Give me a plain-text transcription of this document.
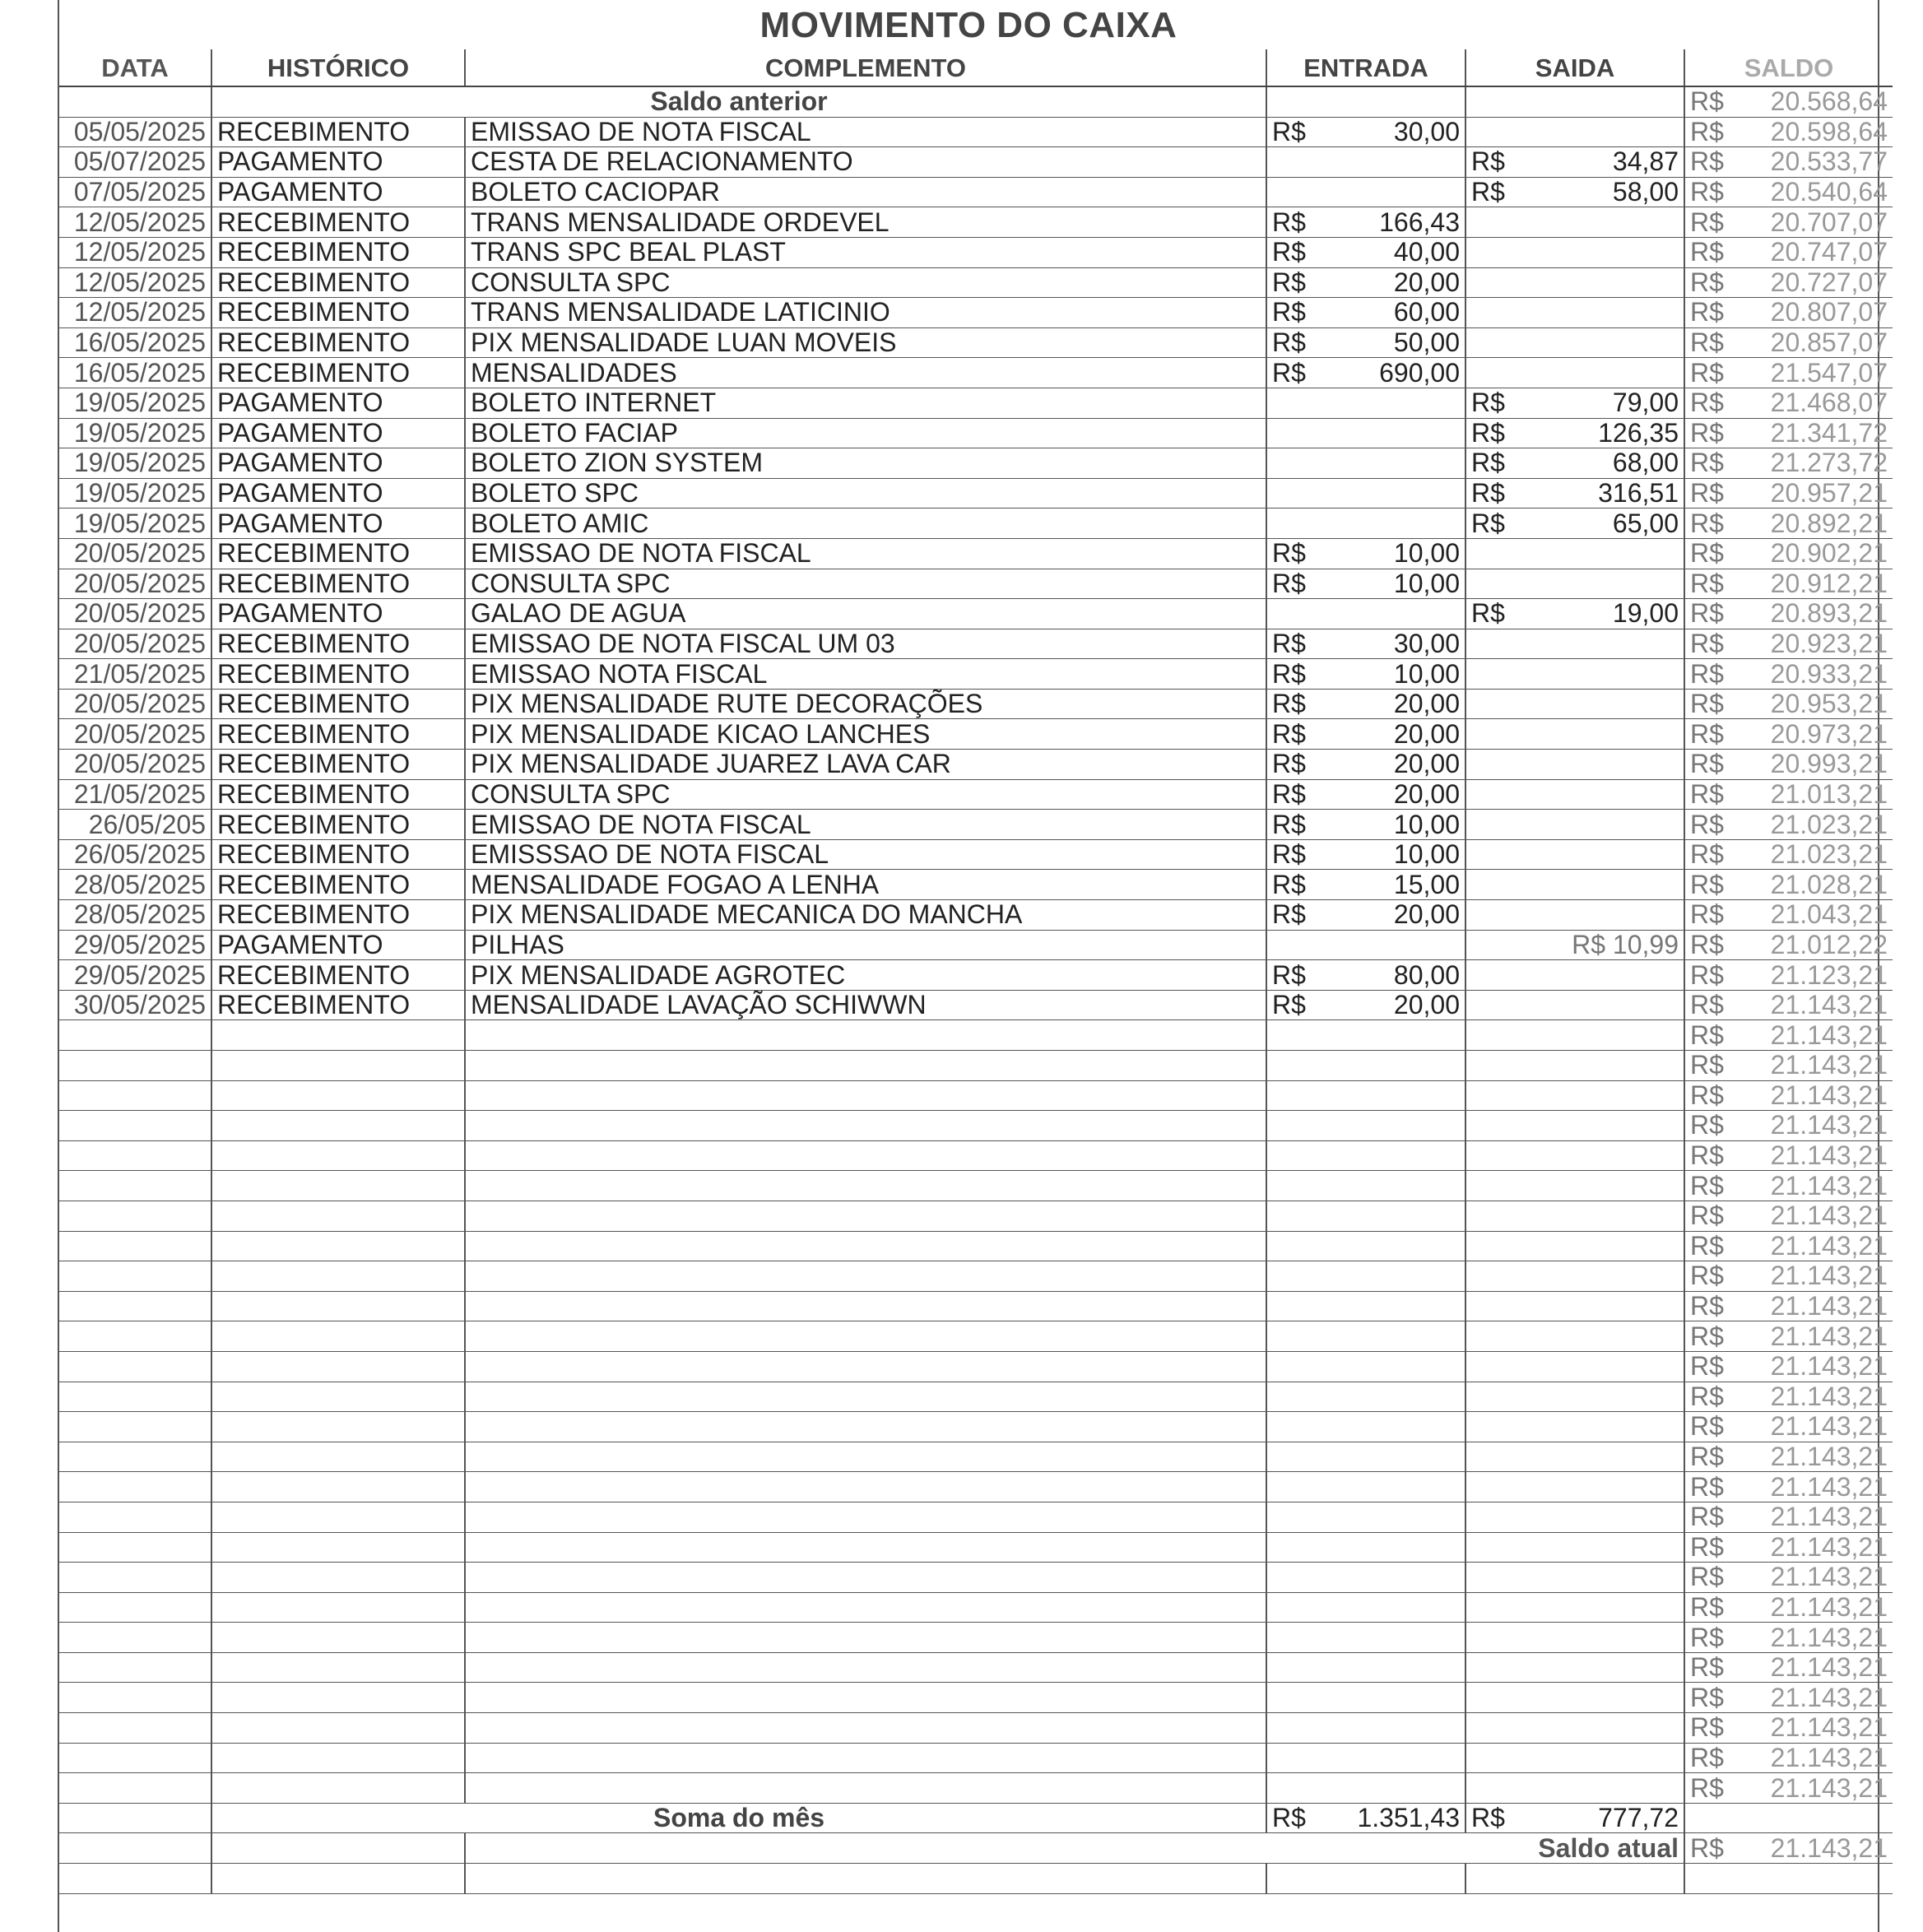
MOVIMENTO DO CAIXA
DATA	HISTÓRICO	COMPLEMENTO	ENTRADA	SAIDA	SALDO
	Saldo anterior				R$ 20.568,64

05/05/2025	RECEBIMENTO	EMISSAO DE NOTA FISCAL	R$ 30,00		R$ 20.598,64

05/07/2025	PAGAMENTO	CESTA DE RELACIONAMENTO		R$ 34,87	R$ 20.533,77

07/05/2025	PAGAMENTO	BOLETO CACIOPAR		R$ 58,00	R$ 20.540,64

12/05/2025	RECEBIMENTO	TRANS MENSALIDADE ORDEVEL	R$ 166,43		R$ 20.707,07

12/05/2025	RECEBIMENTO	TRANS SPC BEAL PLAST	R$ 40,00		R$ 20.747,07

12/05/2025	RECEBIMENTO	CONSULTA SPC	R$ 20,00		R$ 20.727,07

12/05/2025	RECEBIMENTO	TRANS MENSALIDADE LATICINIO	R$ 60,00		R$ 20.807,07

16/05/2025	RECEBIMENTO	PIX MENSALIDADE LUAN MOVEIS	R$ 50,00		R$ 20.857,07

16/05/2025	RECEBIMENTO	MENSALIDADES	R$ 690,00		R$ 21.547,07

19/05/2025	PAGAMENTO	BOLETO INTERNET		R$ 79,00	R$ 21.468,07

19/05/2025	PAGAMENTO	BOLETO FACIAP		R$ 126,35	R$ 21.341,72

19/05/2025	PAGAMENTO	BOLETO ZION SYSTEM		R$ 68,00	R$ 21.273,72

19/05/2025	PAGAMENTO	BOLETO SPC		R$ 316,51	R$ 20.957,21

19/05/2025	PAGAMENTO	BOLETO AMIC		R$ 65,00	R$ 20.892,21

20/05/2025	RECEBIMENTO	EMISSAO DE NOTA FISCAL	R$ 10,00		R$ 20.902,21

20/05/2025	RECEBIMENTO	CONSULTA SPC	R$ 10,00		R$ 20.912,21

20/05/2025	PAGAMENTO	GALAO DE AGUA		R$ 19,00	R$ 20.893,21

20/05/2025	RECEBIMENTO	EMISSAO DE NOTA FISCAL UM 03	R$ 30,00		R$ 20.923,21

21/05/2025	RECEBIMENTO	EMISSAO NOTA FISCAL	R$ 10,00		R$ 20.933,21

20/05/2025	RECEBIMENTO	PIX MENSALIDADE RUTE DECORAÇÕES	R$ 20,00		R$ 20.953,21

20/05/2025	RECEBIMENTO	PIX MENSALIDADE KICAO LANCHES	R$ 20,00		R$ 20.973,21

20/05/2025	RECEBIMENTO	PIX MENSALIDADE JUAREZ LAVA CAR	R$ 20,00		R$ 20.993,21

21/05/2025	RECEBIMENTO	CONSULTA SPC	R$ 20,00		R$ 21.013,21

26/05/205	RECEBIMENTO	EMISSAO DE NOTA FISCAL	R$ 10,00		R$ 21.023,21

26/05/2025	RECEBIMENTO	EMISSSAO DE NOTA FISCAL	R$ 10,00		R$ 21.023,21

28/05/2025	RECEBIMENTO	MENSALIDADE FOGAO A LENHA	R$ 15,00		R$ 21.028,21

28/05/2025	RECEBIMENTO	PIX MENSALIDADE MECANICA DO MANCHA	R$ 20,00		R$ 21.043,21

29/05/2025	PAGAMENTO	PILHAS		R$ 10,99	R$ 21.012,22

29/05/2025	RECEBIMENTO	PIX MENSALIDADE AGROTEC	R$ 80,00		R$ 21.123,21

30/05/2025	RECEBIMENTO	MENSALIDADE LAVAÇÃO SCHIWWN	R$ 20,00		R$ 21.143,21

					R$ 21.143,21

					R$ 21.143,21

					R$ 21.143,21

					R$ 21.143,21

					R$ 21.143,21

					R$ 21.143,21

					R$ 21.143,21

					R$ 21.143,21

					R$ 21.143,21

					R$ 21.143,21

					R$ 21.143,21

					R$ 21.143,21

					R$ 21.143,21

					R$ 21.143,21

					R$ 21.143,21

					R$ 21.143,21

					R$ 21.143,21

					R$ 21.143,21

					R$ 21.143,21

					R$ 21.143,21

					R$ 21.143,21

					R$ 21.143,21

					R$ 21.143,21

					R$ 21.143,21

					R$ 21.143,21

					R$ 21.143,21

	Soma do mês		R$ 1.351,43	R$ 777,72	

		Saldo atual			R$ 21.143,21
